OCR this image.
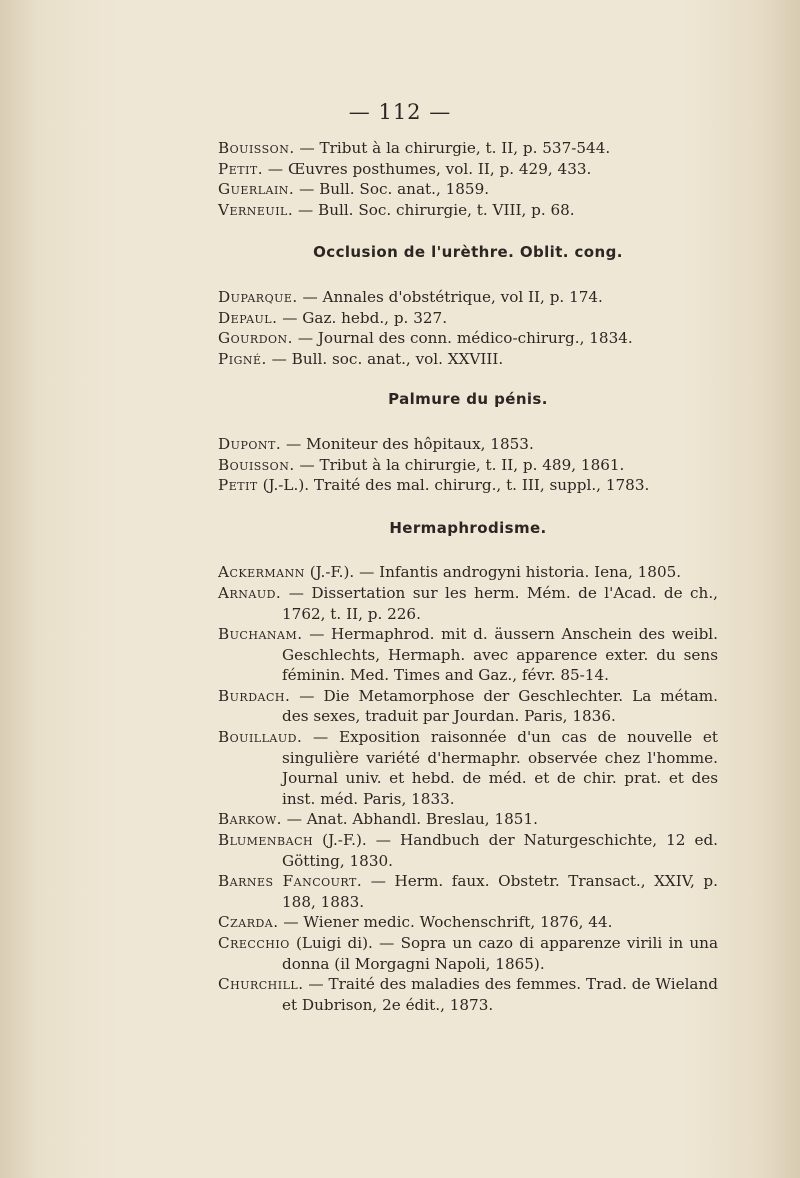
— 112 —
Bouisson. — Tribut à la chirurgie, t. II, p. 537-544.
Petit. — Œuvres posthumes, vol. II, p. 429, 433.
Guerlain. — Bull. Soc. anat., 1859.
Verneuil. — Bull. Soc. chirurgie, t. VIII, p. 68.
Occlusion de l'urèthre. Oblit. cong.
Duparque. — Annales d'obstétrique, vol II, p. 174.
Depaul. — Gaz. hebd., p. 327.
Gourdon. — Journal des conn. médico-chirurg., 1834.
Pigné. — Bull. soc. anat., vol. XXVIII.
Palmure du pénis.
Dupont. — Moniteur des hôpitaux, 1853.
Bouisson. — Tribut à la chirurgie, t. II, p. 489, 1861.
Petit (J.-L.). Traité des mal. chirurg., t. III, suppl., 1783.
Hermaphrodisme.
Ackermann (J.-F.). — Infantis androgyni historia. Iena, 1805.
Arnaud. — Dissertation sur les herm. Mém. de l'Acad. de ch., 1762, t. II, p. 226.
Buchanam. — Hermaphrod. mit d. äussern Anschein des weibl. Geschlechts, Hermaph. avec apparence exter. du sens féminin. Med. Times and Gaz., févr. 85-14.
Burdach. — Die Metamorphose der Geschlechter. La métam. des sexes, traduit par Jourdan. Paris, 1836.
Bouillaud. — Exposition raisonnée d'un cas de nouvelle et singulière variété d'hermaphr. observée chez l'homme. Journal univ. et hebd. de méd. et de chir. prat. et des inst. méd. Paris, 1833.
Barkow. — Anat. Abhandl. Breslau, 1851.
Blumenbach (J.-F.). — Handbuch der Naturgeschichte, 12 ed. Götting, 1830.
Barnes Fancourt. — Herm. faux. Obstetr. Transact., XXIV, p. 188, 1883.
Czarda. — Wiener medic. Wochenschrift, 1876, 44.
Crecchio (Luigi di). — Sopra un cazo di apparenze virili in una donna (il Morgagni Napoli, 1865).
Churchill. — Traité des maladies des femmes. Trad. de Wieland et Dubrison, 2e édit., 1873.
